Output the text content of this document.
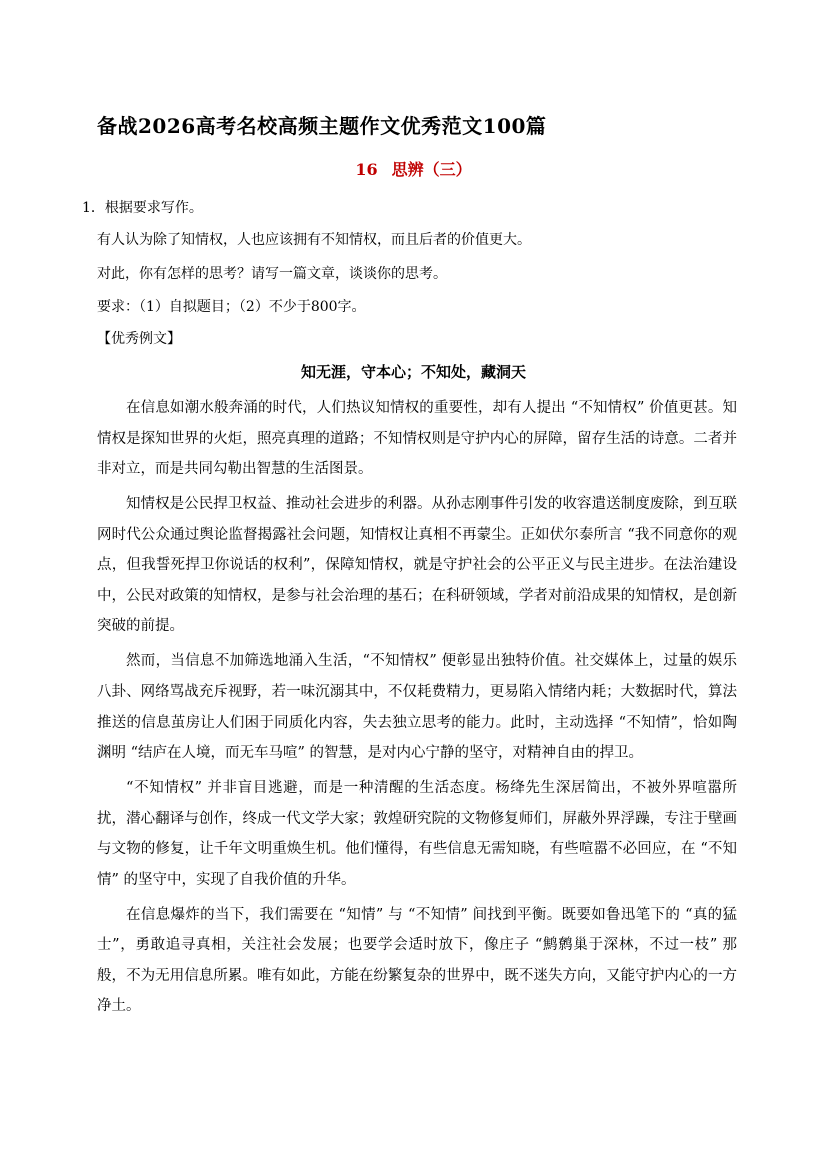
备战2026高考名校高频主题作文优秀范文100篇
16 思辨（三）
1．根据要求写作。
有人认为除了知情权，人也应该拥有不知情权，而且后者的价值更大。
对此，你有怎样的思考？请写一篇文章，谈谈你的思考。
要求：（1）自拟题目；（2）不少于800字。
【优秀例文】
知无涯，守本心；不知处，藏洞天

在信息如潮水般奔涌的时代，人们热议知情权的重要性，却有人提出 “不知情权” 价值更甚。知情权是探知世界的火炬，照亮真理的道路；不知情权则是守护内心的屏障，留存生活的诗意。二者并非对立，而是共同勾勒出智慧的生活图景。

知情权是公民捍卫权益、推动社会进步的利器。从孙志刚事件引发的收容遣送制度废除，到互联网时代公众通过舆论监督揭露社会问题，知情权让真相不再蒙尘。正如伏尔泰所言 “我不同意你的观点，但我誓死捍卫你说话的权利”，保障知情权，就是守护社会的公平正义与民主进步。在法治建设中，公民对政策的知情权，是参与社会治理的基石；在科研领域，学者对前沿成果的知情权，是创新突破的前提。

然而，当信息不加筛选地涌入生活，“不知情权” 便彰显出独特价值。社交媒体上，过量的娱乐八卦、网络骂战充斥视野，若一味沉溺其中，不仅耗费精力，更易陷入情绪内耗；大数据时代，算法推送的信息茧房让人们困于同质化内容，失去独立思考的能力。此时，主动选择 “不知情”，恰如陶渊明 “结庐在人境，而无车马喧” 的智慧，是对内心宁静的坚守，对精神自由的捍卫。

“不知情权” 并非盲目逃避，而是一种清醒的生活态度。杨绛先生深居简出，不被外界喧嚣所扰，潜心翻译与创作，终成一代文学大家；敦煌研究院的文物修复师们，屏蔽外界浮躁，专注于壁画与文物的修复，让千年文明重焕生机。他们懂得，有些信息无需知晓，有些喧嚣不必回应，在 “不知情” 的坚守中，实现了自我价值的升华。

在信息爆炸的当下，我们需要在 “知情” 与 “不知情” 间找到平衡。既要如鲁迅笔下的 “真的猛士”，勇敢追寻真相，关注社会发展；也要学会适时放下，像庄子 “鹪鹩巢于深林，不过一枝” 那般，不为无用信息所累。唯有如此，方能在纷繁复杂的世界中，既不迷失方向，又能守护内心的一方净土。
